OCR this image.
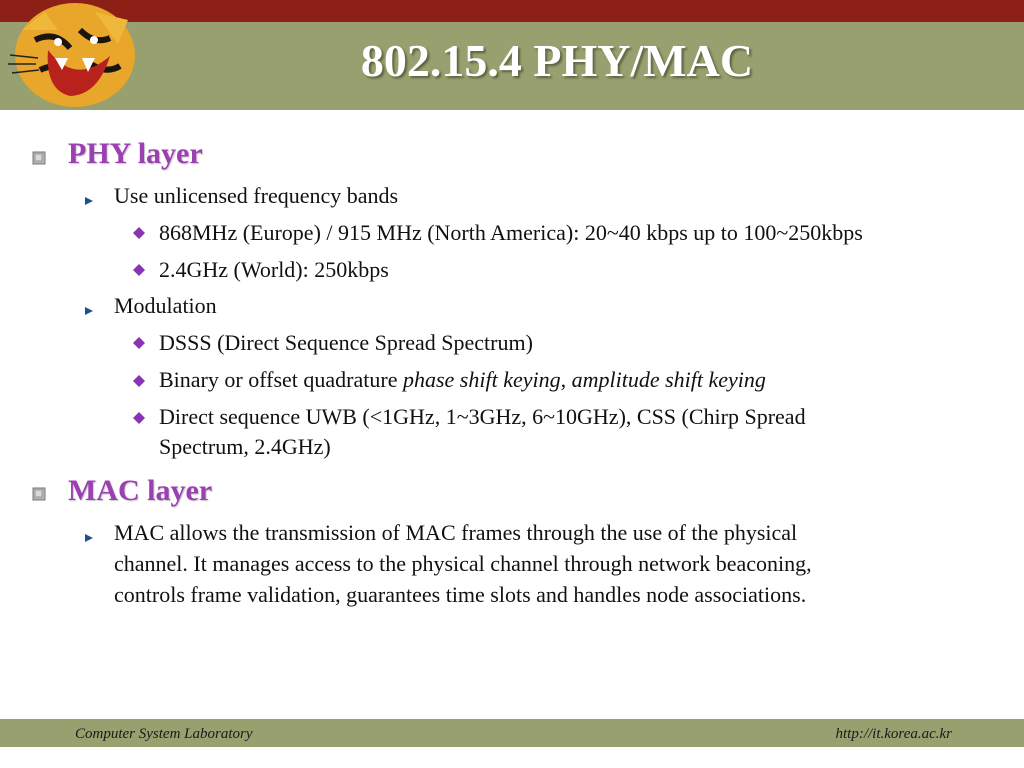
802.15.4 PHY/MAC
PHY layer
Use unlicensed frequency bands
868MHz (Europe) / 915 MHz (North America): 20~40 kbps up to 100~250kbps
2.4GHz (World): 250kbps
Modulation
DSSS (Direct Sequence Spread Spectrum)
Binary or offset quadrature phase shift keying, amplitude shift keying
Direct sequence UWB (<1GHz, 1~3GHz, 6~10GHz), CSS (Chirp Spread
Spectrum, 2.4GHz)
MAC layer
MAC allows the transmission of MAC frames through the use of the physical
channel. It manages access to the physical channel through network beaconing,
controls frame validation, guarantees time slots and handles node associations.
Computer System Laboratory	http://it.korea.ac.kr
